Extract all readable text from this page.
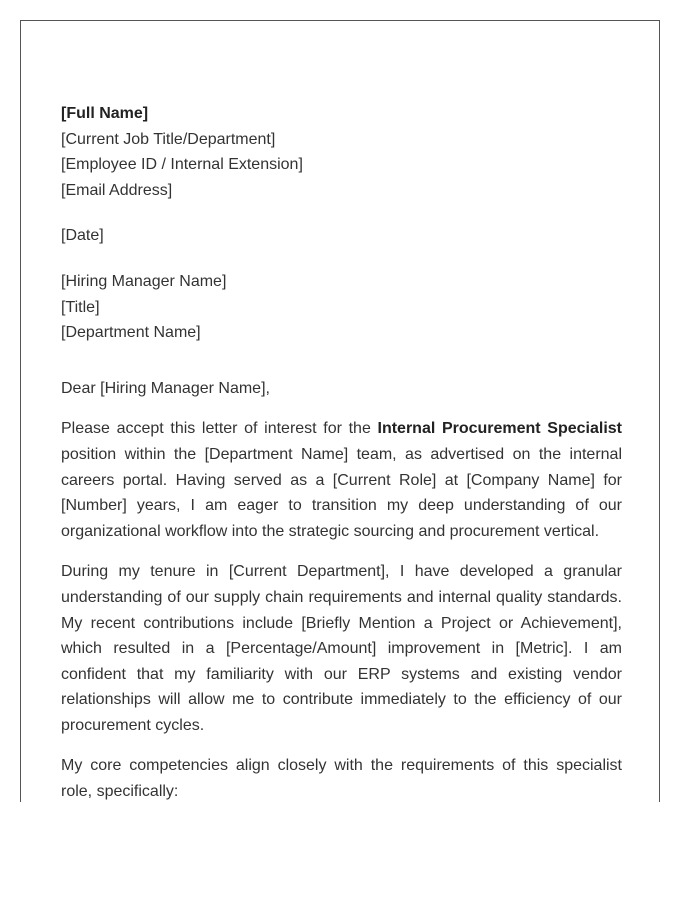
[Full Name]
[Current Job Title/Department]
[Employee ID / Internal Extension]
[Email Address]
[Date]
[Hiring Manager Name]
[Title]
[Department Name]
Dear [Hiring Manager Name],

Please accept this letter of interest for the Internal Procurement Specialist position within the [Department Name] team, as advertised on the internal careers portal. Having served as a [Current Role] at [Company Name] for [Number] years, I am eager to transition my deep understanding of our organizational workflow into the strategic sourcing and procurement vertical.

During my tenure in [Current Department], I have developed a granular understanding of our supply chain requirements and internal quality standards. My recent contributions include [Briefly Mention a Project or Achievement], which resulted in a [Percentage/Amount] improvement in [Metric]. I am confident that my familiarity with our ERP systems and existing vendor relationships will allow me to contribute immediately to the efficiency of our procurement cycles.

My core competencies align closely with the requirements of this specialist role, specifically:
